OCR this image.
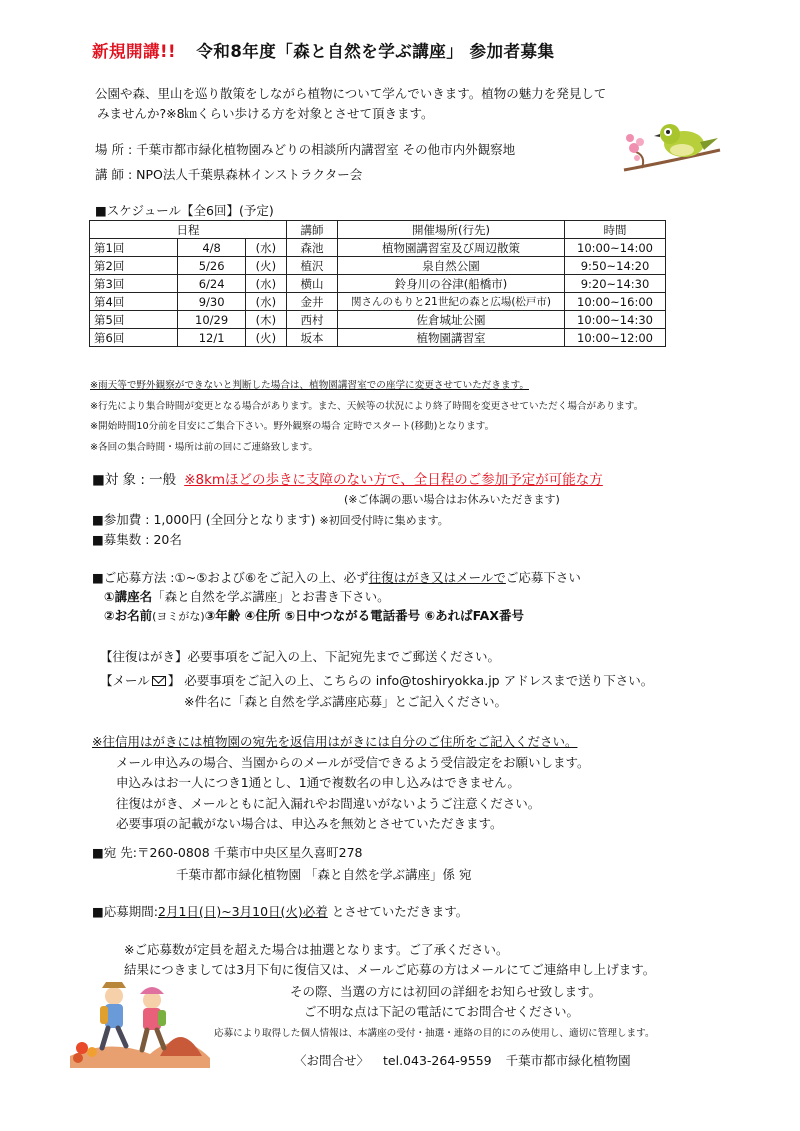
新規開講!! 令和8年度「森と自然を学ぶ講座」 参加者募集
公園や森、里山を巡り散策をしながら植物について学んでいきます。植物の魅力を発見して
みませんか?※8㎞くらい歩ける方を対象とさせて頂きます。
場 所 : 千葉市都市緑化植物園みどりの相談所内講習室 その他市内外観察地
講 師 : NPO法人千葉県森林インストラクター会
■スケジュール【全6回】(予定)
日程			講師	開催場所(行先)	時間
第1回	4/8	(水)	森池	植物園講習室及び周辺散策	10:00~14:00
第2回	5/26	(火)	植沢	泉自然公園	9:50~14:20
第3回	6/24	(水)	横山	鈴身川の谷津(船橋市)	9:20~14:30
第4回	9/30	(水)	金井	関さんのもりと21世紀の森と広場(松戸市)	10:00~16:00
第5回	10/29	(木)	西村	佐倉城址公園	10:00~14:30
第6回	12/1	(火)	坂本	植物園講習室	10:00~12:00
※雨天等で野外観察ができないと判断した場合は、植物園講習室での座学に変更させていただきます。
※行先により集合時間が変更となる場合があります。また、天候等の状況により終了時間を変更させていただく場合があります。
※開始時間10分前を目安にご集合下さい。野外観察の場合 定時でスタート(移動)となります。
※各回の集合時間・場所は前の回にご連絡致します。
■対 象 : 一般 ※8kmほどの歩きに支障のない方で、全日程のご参加予定が可能な方
(※ご体調の悪い場合はお休みいただきます)
■参加費 : 1,000円 (全回分となります) ※初回受付時に集めます。
■募集数 : 20名
■ご応募方法 :①~⑤および⑥をご記入の上、必ず往復はがき又はメールでご応募下さい
①講座名「森と自然を学ぶ講座」とお書き下さい。
②お名前(ヨミがな)③年齢 ④住所 ⑤日中つながる電話番号 ⑥あればFAX番号
【往復はがき】必要事項をご記入の上、下記宛先までご郵送ください。
【メール 】 必要事項をご記入の上、こちらの info@toshiryokka.jp アドレスまで送り下さい。
※件名に「森と自然を学ぶ講座応募」とご記入ください。
※往信用はがきには植物園の宛先を返信用はがきには自分のご住所をご記入ください。
メール申込みの場合、当園からのメールが受信できるよう受信設定をお願いします。
申込みはお一人につき1通とし、1通で複数名の申し込みはできません。
往復はがき、メールともに記入漏れやお間違いがないようご注意ください。
必要事項の記載がない場合は、申込みを無効とさせていただきます。
■宛 先:〒260-0808 千葉市中央区星久喜町278
千葉市都市緑化植物園 「森と自然を学ぶ講座」係 宛
■応募期間:2月1日(日)~3月10日(火)必着 とさせていただきます。
※ご応募数が定員を超えた場合は抽選となります。ご了承ください。
結果につきましては3月下旬に復信又は、メールご応募の方はメールにてご連絡申し上げます。
その際、当選の方には初回の詳細をお知らせ致します。
ご不明な点は下記の電話にてお問合せください。
応募により取得した個人情報は、本講座の受付・抽選・連絡の目的にのみ使用し、適切に管理します。
〈お問合せ〉 tel.043-264-9559 千葉市都市緑化植物園
